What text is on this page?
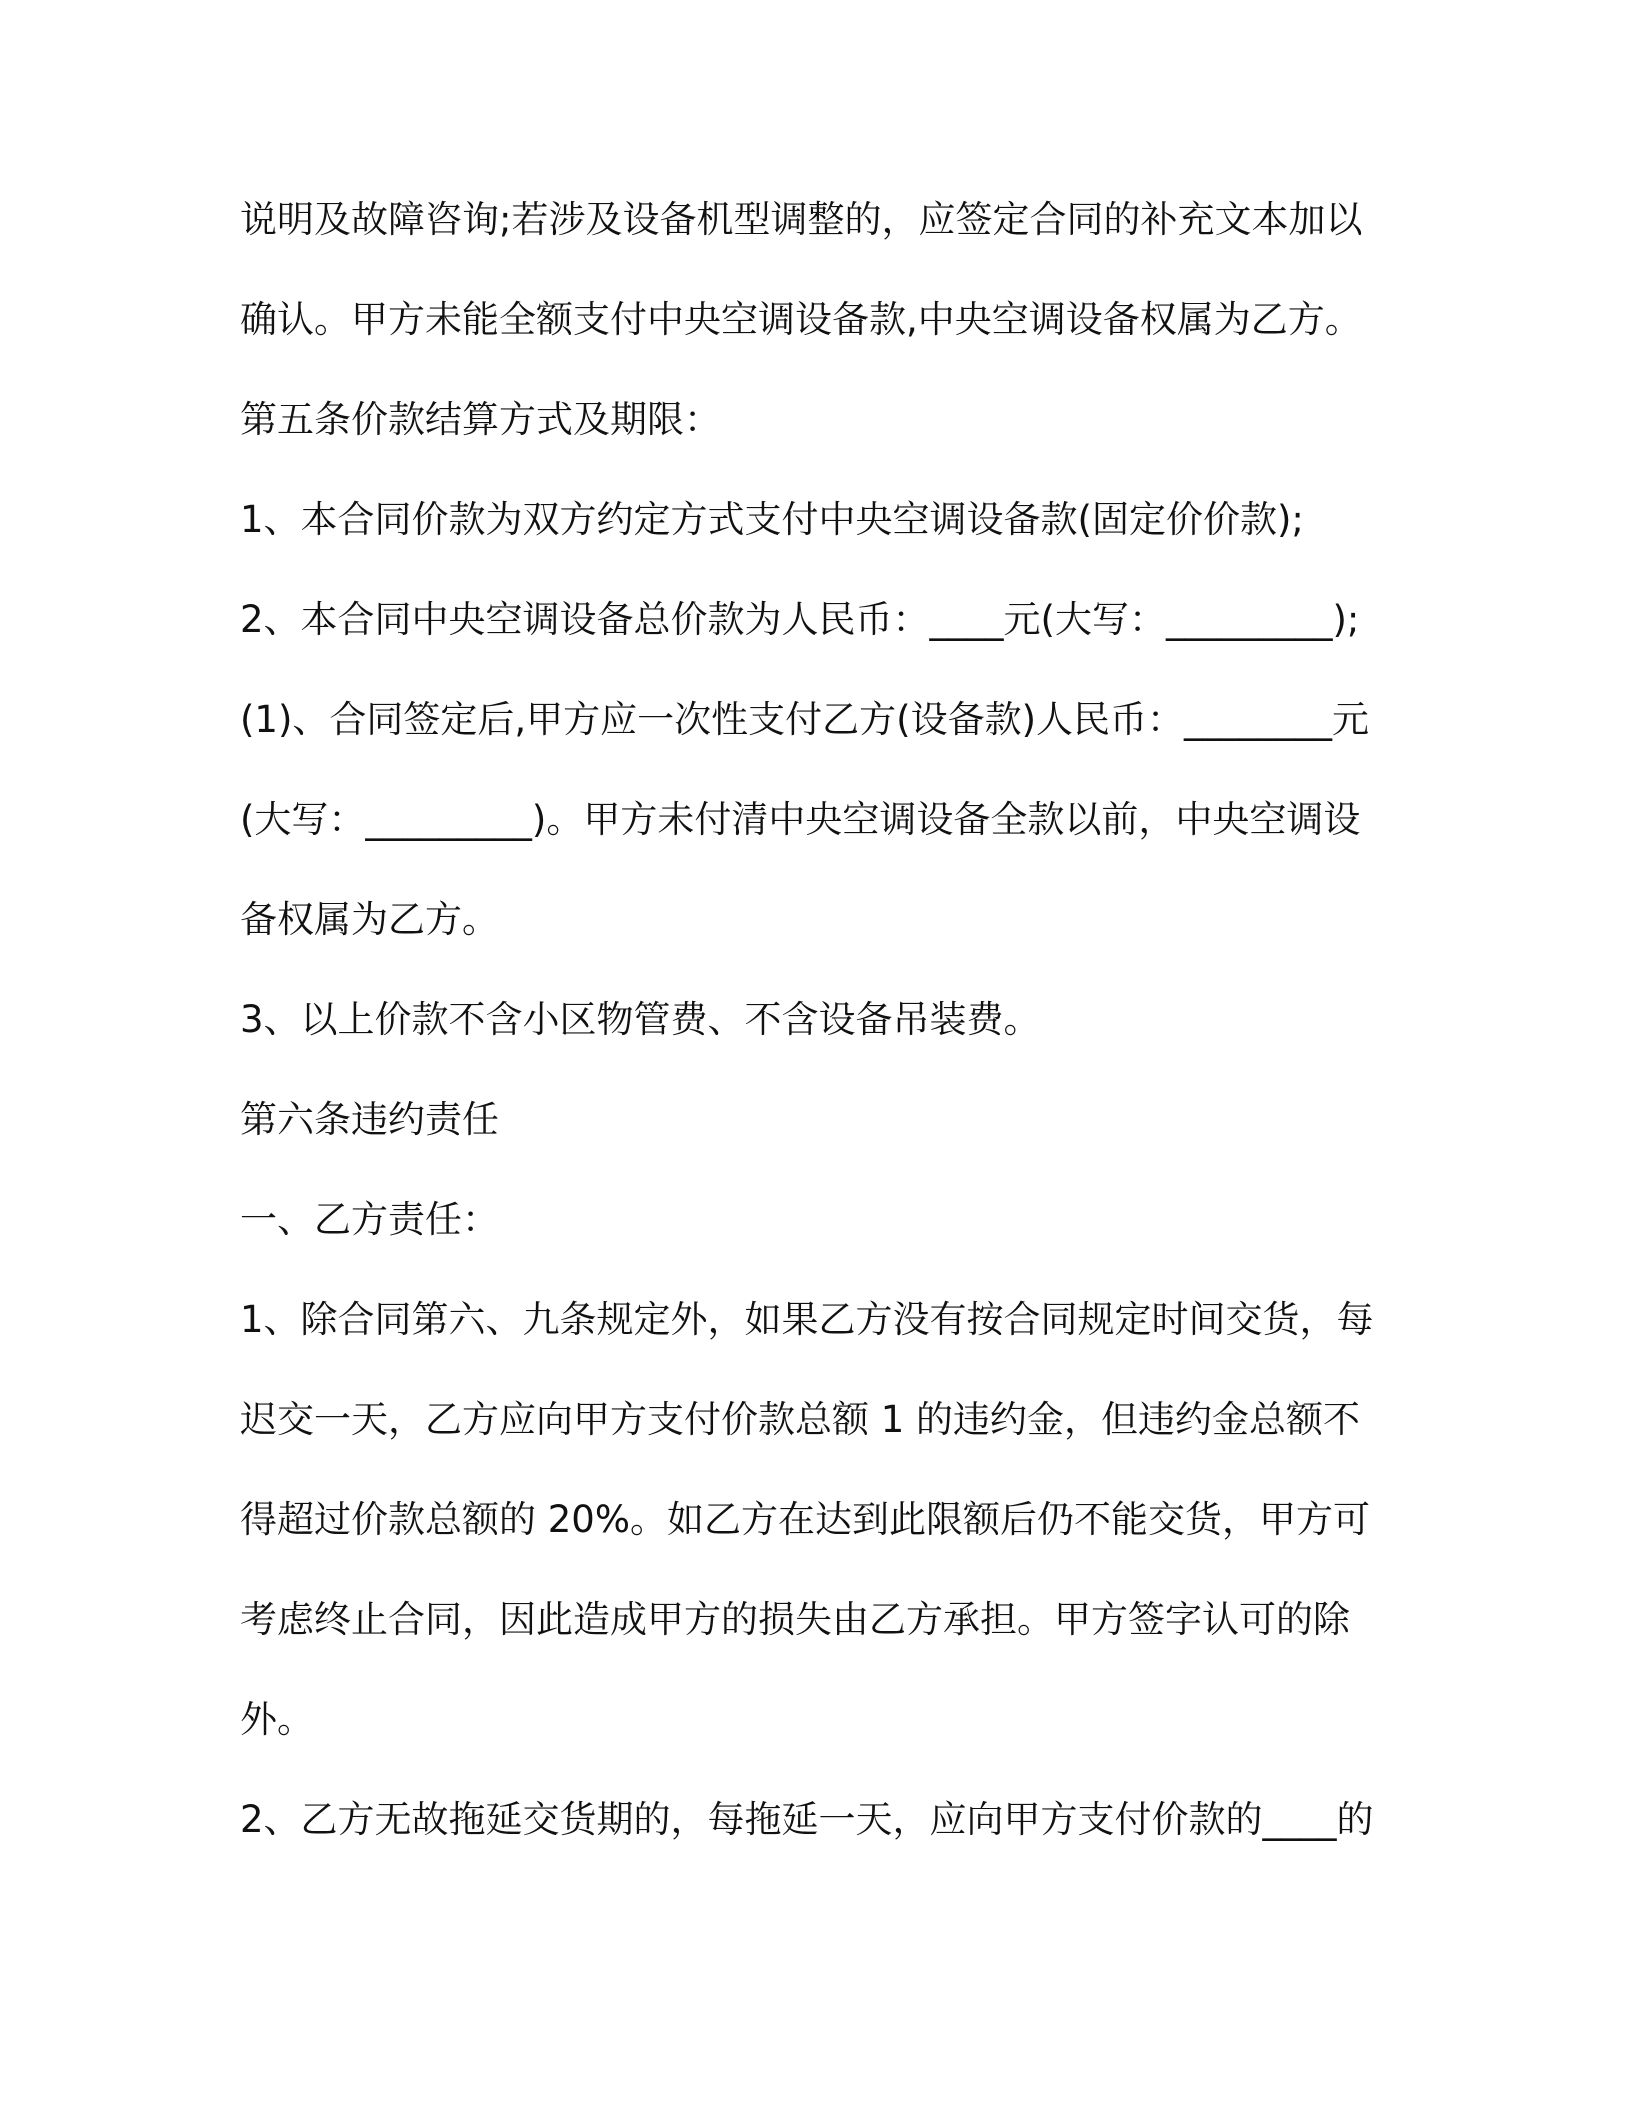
说明及故障咨询;若涉及设备机型调整的，应签定合同的补充文本加以
确认。甲方未能全额支付中央空调设备款,中央空调设备权属为乙方。
第五条价款结算方式及期限：
1、本合同价款为双方约定方式支付中央空调设备款(固定价价款);
2、本合同中央空调设备总价款为人民币：____元(大写：_________);
(1)、合同签定后,甲方应一次性支付乙方(设备款)人民币：________元
(大写：_________)。甲方未付清中央空调设备全款以前，中央空调设
备权属为乙方。
3、以上价款不含小区物管费、不含设备吊装费。
第六条违约责任
一、乙方责任：
1、除合同第六、九条规定外，如果乙方没有按合同规定时间交货，每
迟交一天，乙方应向甲方支付价款总额 1 的违约金，但违约金总额不
得超过价款总额的 20%。如乙方在达到此限额后仍不能交货，甲方可
考虑终止合同，因此造成甲方的损失由乙方承担。甲方签字认可的除
外。
2、乙方无故拖延交货期的，每拖延一天，应向甲方支付价款的____的
